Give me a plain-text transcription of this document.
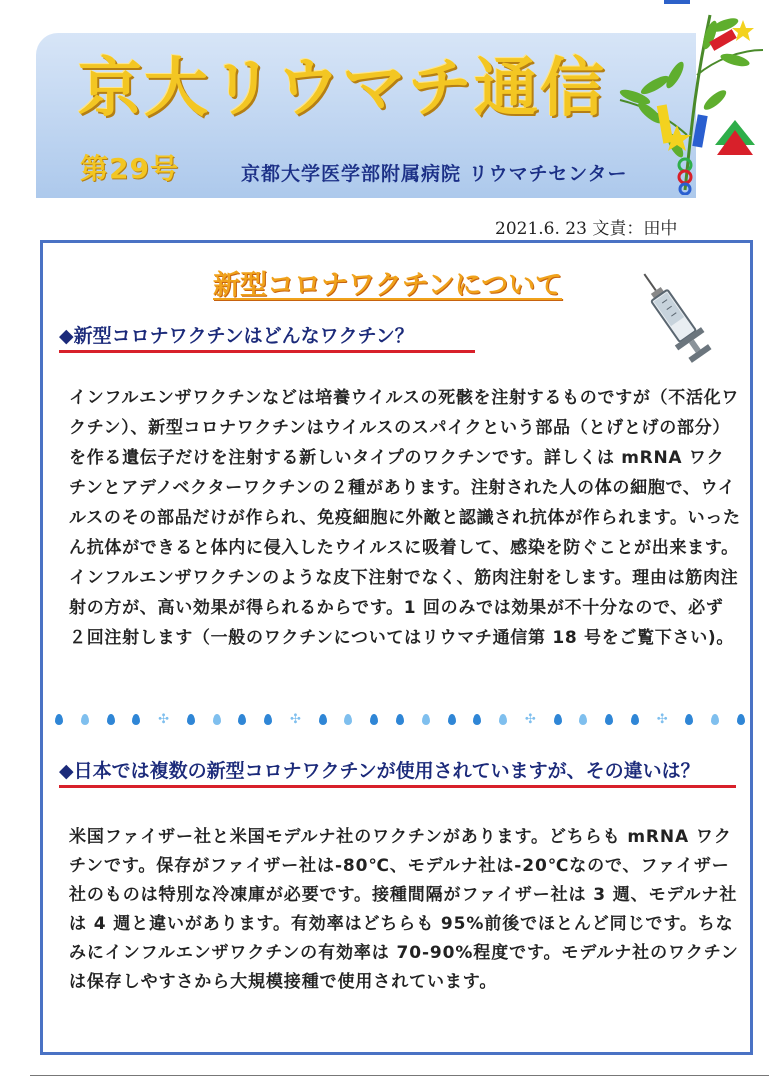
京大リウマチ通信

第29号	京都大学医学部附属病院 リウマチセンター

2021.6. 23 文責：田中

新型コロナワクチンについて
◆新型コロナワクチンはどんなワクチン？

インフルエンザワクチンなどは培養ウイルスの死骸を注射するものですが（不活化ワクチン）、新型コロナワクチンはウイルスのスパイクという部品（とげとげの部分）を作る遺伝子だけを注射する新しいタイプのワクチンです。詳しくは mRNA ワクチンとアデノベクターワクチンの２種があります。注射された人の体の細胞で、ウイルスのその部品だけが作られ、免疫細胞に外敵と認識され抗体が作られます。いったん抗体ができると体内に侵入したウイルスに吸着して、感染を防ぐことが出来ます。インフルエンザワクチンのような皮下注射でなく、筋肉注射をします。理由は筋肉注射の方が、高い効果が得られるからです。1 回のみでは効果が不十分なので、必ず２回注射します（一般のワクチンについてはリウマチ通信第 18 号をご覧下さい)。

✣	✣	✣	✣
◆日本では複数の新型コロナワクチンが使用されていますが、その違いは？

米国ファイザー社と米国モデルナ社のワクチンがあります。どちらも mRNA ワクチンです。保存がファイザー社は-80℃、モデルナ社は-20℃なので、ファイザー社のものは特別な冷凍庫が必要です。接種間隔がファイザー社は 3 週、モデルナ社は 4 週と違いがあります。有効率はどちらも 95%前後でほとんど同じです。ちなみにインフルエンザワクチンの有効率は 70-90%程度です。モデルナ社のワクチンは保存しやすさから大規模接種で使用されています。
